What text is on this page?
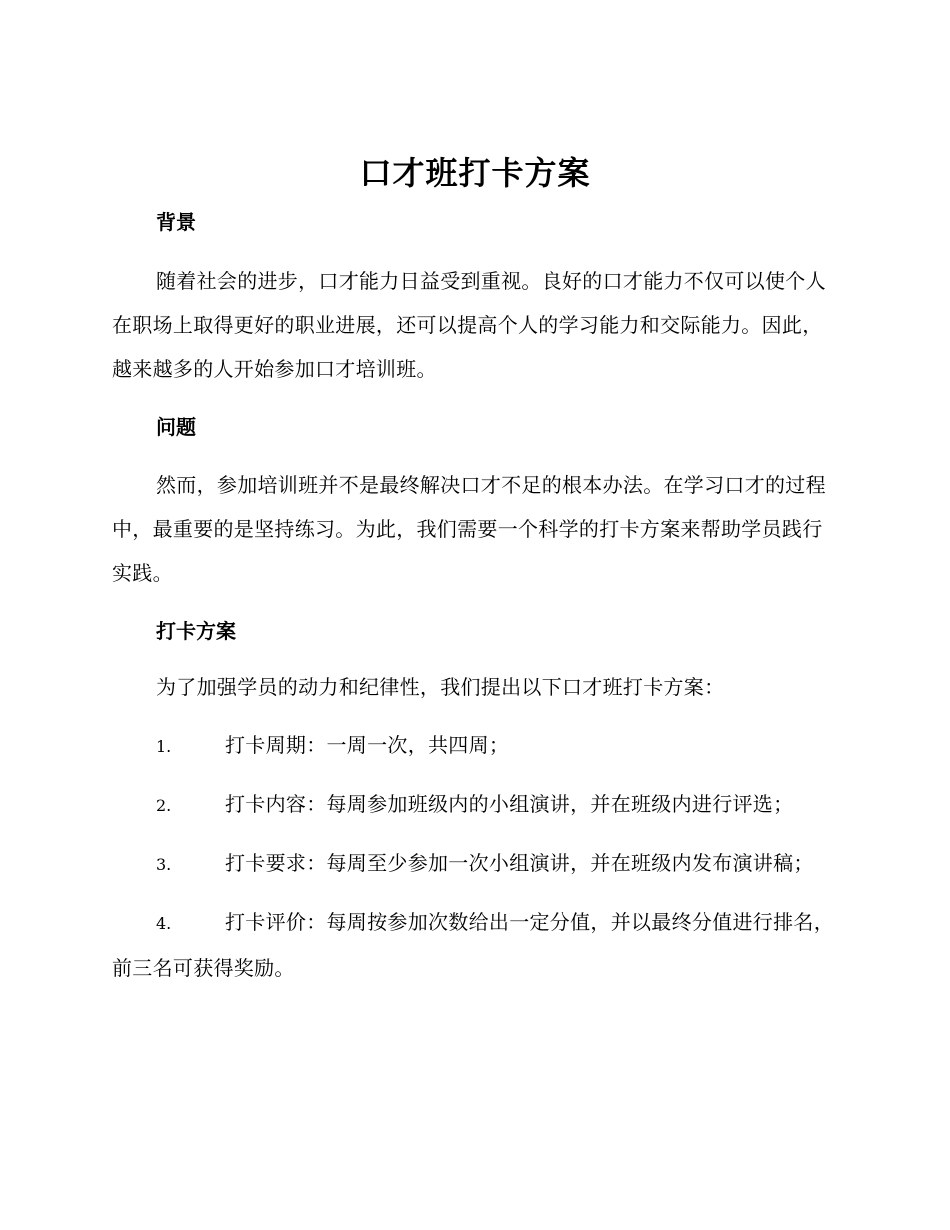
口才班打卡方案

背景

随着社会的进步，口才能力日益受到重视。良好的口才能力不仅可以使个人在职场上取得更好的职业进展，还可以提高个人的学习能力和交际能力。因此，越来越多的人开始参加口才培训班。

问题

然而，参加培训班并不是最终解决口才不足的根本办法。在学习口才的过程中，最重要的是坚持练习。为此，我们需要一个科学的打卡方案来帮助学员践行实践。

打卡方案

为了加强学员的动力和纪律性，我们提出以下口才班打卡方案：

1.	打卡周期：一周一次，共四周；

2.	打卡内容：每周参加班级内的小组演讲，并在班级内进行评选；

3.	打卡要求：每周至少参加一次小组演讲，并在班级内发布演讲稿；

4.	打卡评价：每周按参加次数给出一定分值，并以最终分值进行排名，前三名可获得奖励。
